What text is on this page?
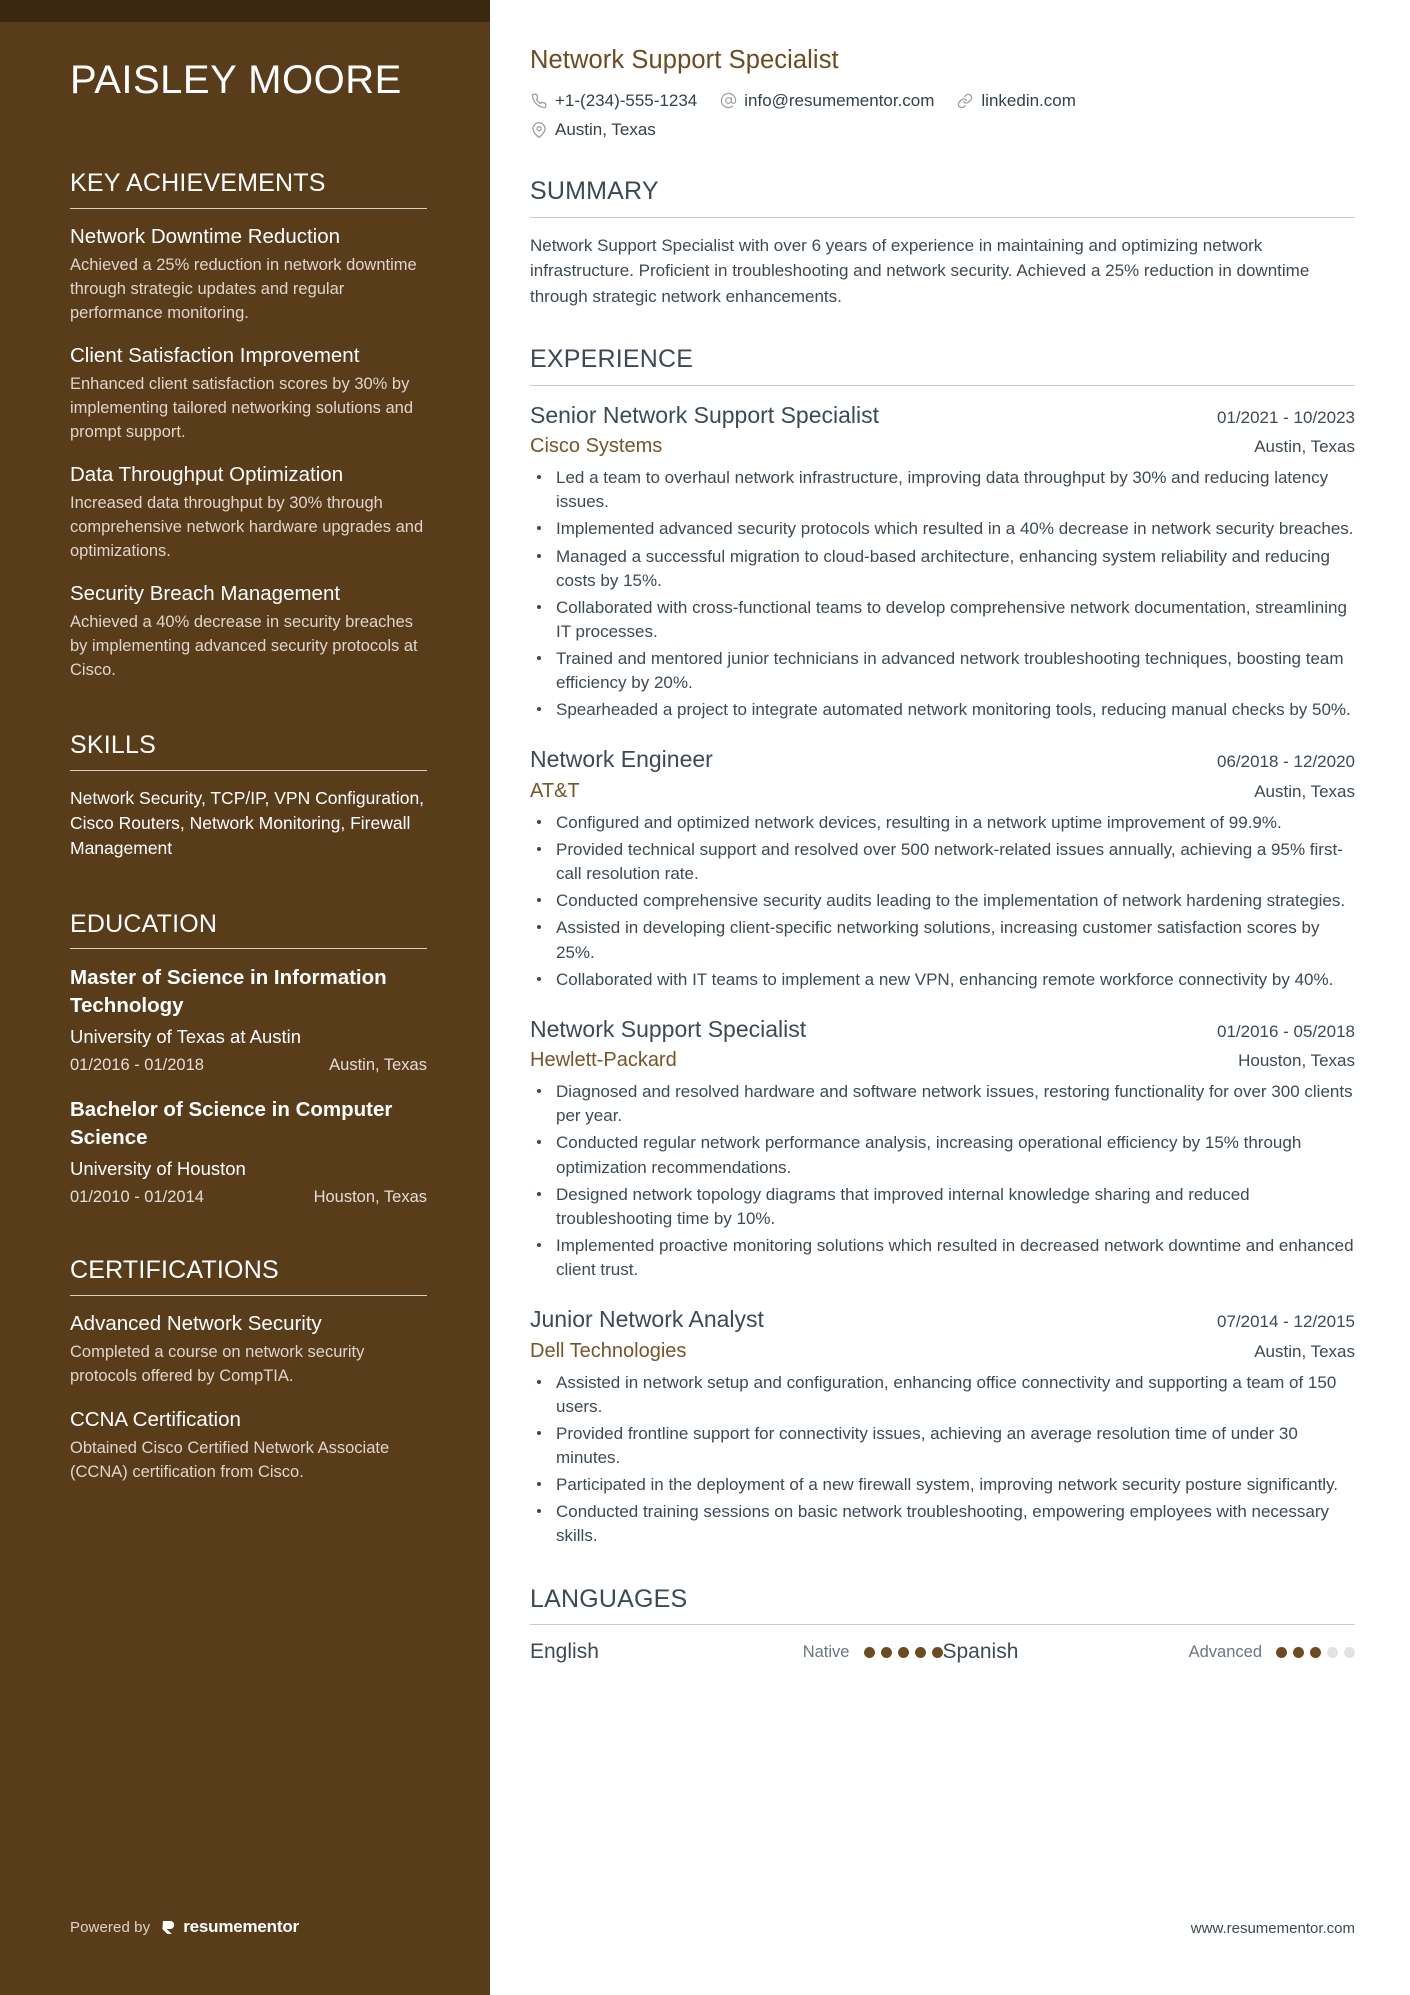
PAISLEY MOORE
KEY ACHIEVEMENTS
Network Downtime Reduction
Achieved a 25% reduction in network downtime through strategic updates and regular performance monitoring.
Client Satisfaction Improvement
Enhanced client satisfaction scores by 30% by implementing tailored networking solutions and prompt support.
Data Throughput Optimization
Increased data throughput by 30% through comprehensive network hardware upgrades and optimizations.
Security Breach Management
Achieved a 40% decrease in security breaches by implementing advanced security protocols at Cisco.
SKILLS
Network Security, TCP/IP, VPN Configuration, Cisco Routers, Network Monitoring, Firewall Management
EDUCATION
Master of Science in Information Technology
University of Texas at Austin
01/2016 - 01/2018	Austin, Texas
Bachelor of Science in Computer Science
University of Houston
01/2010 - 01/2014	Houston, Texas
CERTIFICATIONS
Advanced Network Security
Completed a course on network security protocols offered by CompTIA.
CCNA Certification
Obtained Cisco Certified Network Associate (CCNA) certification from Cisco.
Powered by resumementor
Network Support Specialist
+1-(234)-555-1234	info@resumementor.com	linkedin.com
Austin, Texas
SUMMARY

Network Support Specialist with over 6 years of experience in maintaining and optimizing network infrastructure. Proficient in troubleshooting and network security. Achieved a 25% reduction in downtime through strategic network enhancements.

EXPERIENCE
Senior Network Support Specialist	01/2021 - 10/2023
Cisco Systems	Austin, Texas
Led a team to overhaul network infrastructure, improving data throughput by 30% and reducing latency issues.
Implemented advanced security protocols which resulted in a 40% decrease in network security breaches.
Managed a successful migration to cloud-based architecture, enhancing system reliability and reducing costs by 15%.
Collaborated with cross-functional teams to develop comprehensive network documentation, streamlining IT processes.
Trained and mentored junior technicians in advanced network troubleshooting techniques, boosting team efficiency by 20%.
Spearheaded a project to integrate automated network monitoring tools, reducing manual checks by 50%.
Network Engineer	06/2018 - 12/2020
AT&T	Austin, Texas
Configured and optimized network devices, resulting in a network uptime improvement of 99.9%.
Provided technical support and resolved over 500 network-related issues annually, achieving a 95% first-call resolution rate.
Conducted comprehensive security audits leading to the implementation of network hardening strategies.
Assisted in developing client-specific networking solutions, increasing customer satisfaction scores by 25%.
Collaborated with IT teams to implement a new VPN, enhancing remote workforce connectivity by 40%.
Network Support Specialist	01/2016 - 05/2018
Hewlett-Packard	Houston, Texas
Diagnosed and resolved hardware and software network issues, restoring functionality for over 300 clients per year.
Conducted regular network performance analysis, increasing operational efficiency by 15% through optimization recommendations.
Designed network topology diagrams that improved internal knowledge sharing and reduced troubleshooting time by 10%.
Implemented proactive monitoring solutions which resulted in decreased network downtime and enhanced client trust.
Junior Network Analyst	07/2014 - 12/2015
Dell Technologies	Austin, Texas
Assisted in network setup and configuration, enhancing office connectivity and supporting a team of 150 users.
Provided frontline support for connectivity issues, achieving an average resolution time of under 30 minutes.
Participated in the deployment of a new firewall system, improving network security posture significantly.
Conducted training sessions on basic network troubleshooting, empowering employees with necessary skills.
LANGUAGES
English	Native	Spanish	Advanced
www.resumementor.com
